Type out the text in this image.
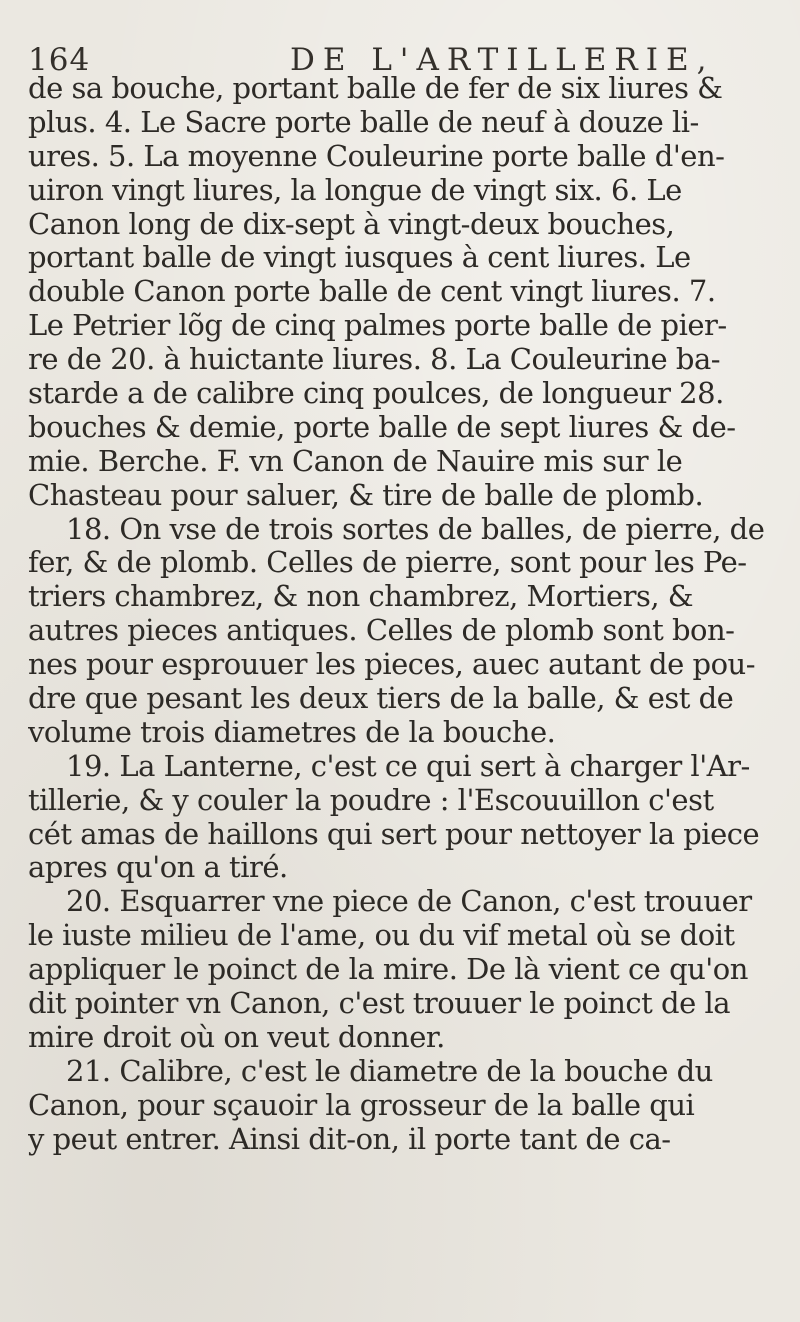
164	DE L'ARTILLERIE,
de sa bouche, portant balle de fer de six liures &
plus. 4. Le Sacre porte balle de neuf à douze li-
ures. 5. La moyenne Couleurine porte balle d'en-
uiron vingt liures, la longue de vingt six. 6. Le
Canon long de dix-sept à vingt-deux bouches,
portant balle de vingt iusques à cent liures. Le
double Canon porte balle de cent vingt liures. 7.
Le Petrier lõg de cinq palmes porte balle de pier-
re de 20. à huictante liures. 8. La Couleurine ba-
starde a de calibre cinq poulces, de longueur 28.
bouches & demie, porte balle de sept liures & de-
mie. Berche. F. vn Canon de Nauire mis sur le
Chasteau pour saluer, & tire de balle de plomb.
18. On vse de trois sortes de balles, de pierre, de
fer, & de plomb. Celles de pierre, sont pour les Pe-
triers chambrez, & non chambrez, Mortiers, &
autres pieces antiques. Celles de plomb sont bon-
nes pour esprouuer les pieces, auec autant de pou-
dre que pesant les deux tiers de la balle, & est de
volume trois diametres de la bouche.
19. La Lanterne, c'est ce qui sert à charger l'Ar-
tillerie, & y couler la poudre : l'Escouuillon c'est
cét amas de haillons qui sert pour nettoyer la piece
apres qu'on a tiré.
20. Esquarrer vne piece de Canon, c'est trouuer
le iuste milieu de l'ame, ou du vif metal où se doit
appliquer le poinct de la mire. De là vient ce qu'on
dit pointer vn Canon, c'est trouuer le poinct de la
mire droit où on veut donner.
21. Calibre, c'est le diametre de la bouche du
Canon, pour sçauoir la grosseur de la balle qui
y peut entrer. Ainsi dit-on, il porte tant de ca-
